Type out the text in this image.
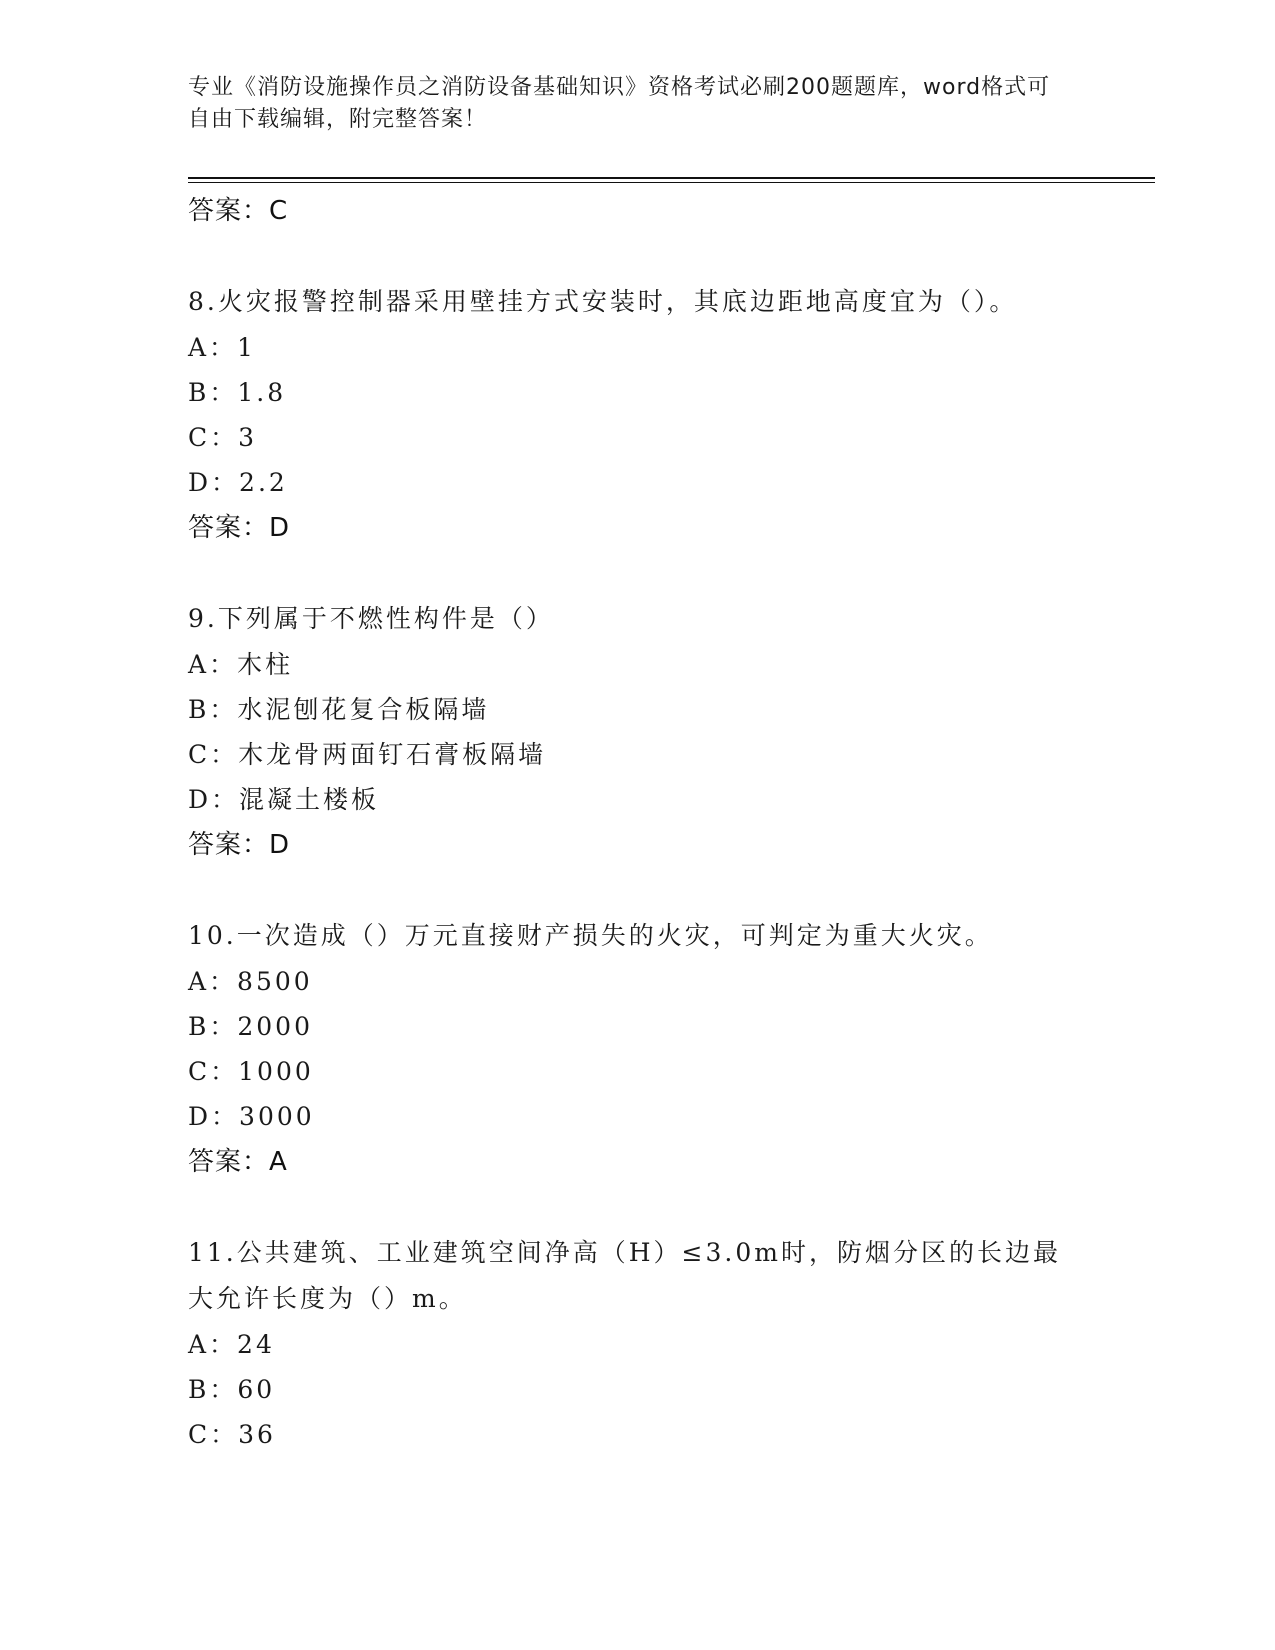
专业《消防设施操作员之消防设备基础知识》资格考试必刷200题题库，word格式可自由下载编辑，附完整答案！
答案：C
8.火灾报警控制器采用壁挂方式安装时，其底边距地高度宜为（）。
A：1
B：1.8
C：3
D：2.2
答案：D
9.下列属于不燃性构件是（）
A：木柱
B：水泥刨花复合板隔墙
C：木龙骨两面钉石膏板隔墙
D：混凝土楼板
答案：D
10.一次造成（）万元直接财产损失的火灾，可判定为重大火灾。
A：8500
B：2000
C：1000
D：3000
答案：A
11.公共建筑、工业建筑空间净高（H）≤3.0m时，防烟分区的长边最大允许长度为（）m。
A：24
B：60
C：36
